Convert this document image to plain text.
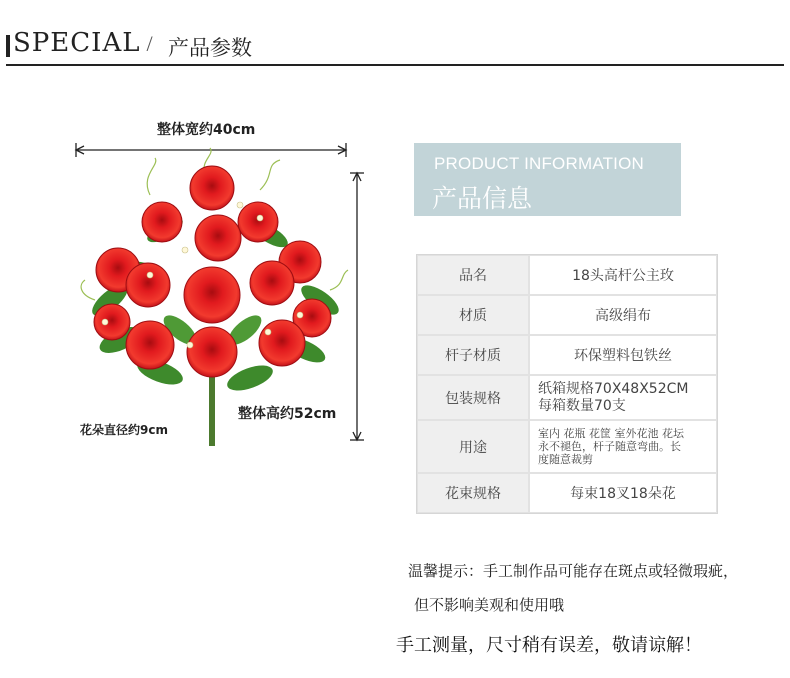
SPECIAL / 产品参数
整体宽约40cm
整体高约52cm
花朵直径约9cm
PRODUCT INFORMATION
产品信息
品名	18头高杆公主玫
材质	高级绢布
杆子材质	环保塑料包铁丝
包装规格	纸箱规格70X48X52CM
每箱数量70支

用途	室内 花瓶 花筐 室外花池 花坛
永不褪色，杆子随意弯曲。长
度随意裁剪

花束规格	每束18叉18朵花
温馨提示：手工制作品可能存在斑点或轻微瑕疵，
但不影响美观和使用哦
手工测量，尺寸稍有误差，敬请谅解！
